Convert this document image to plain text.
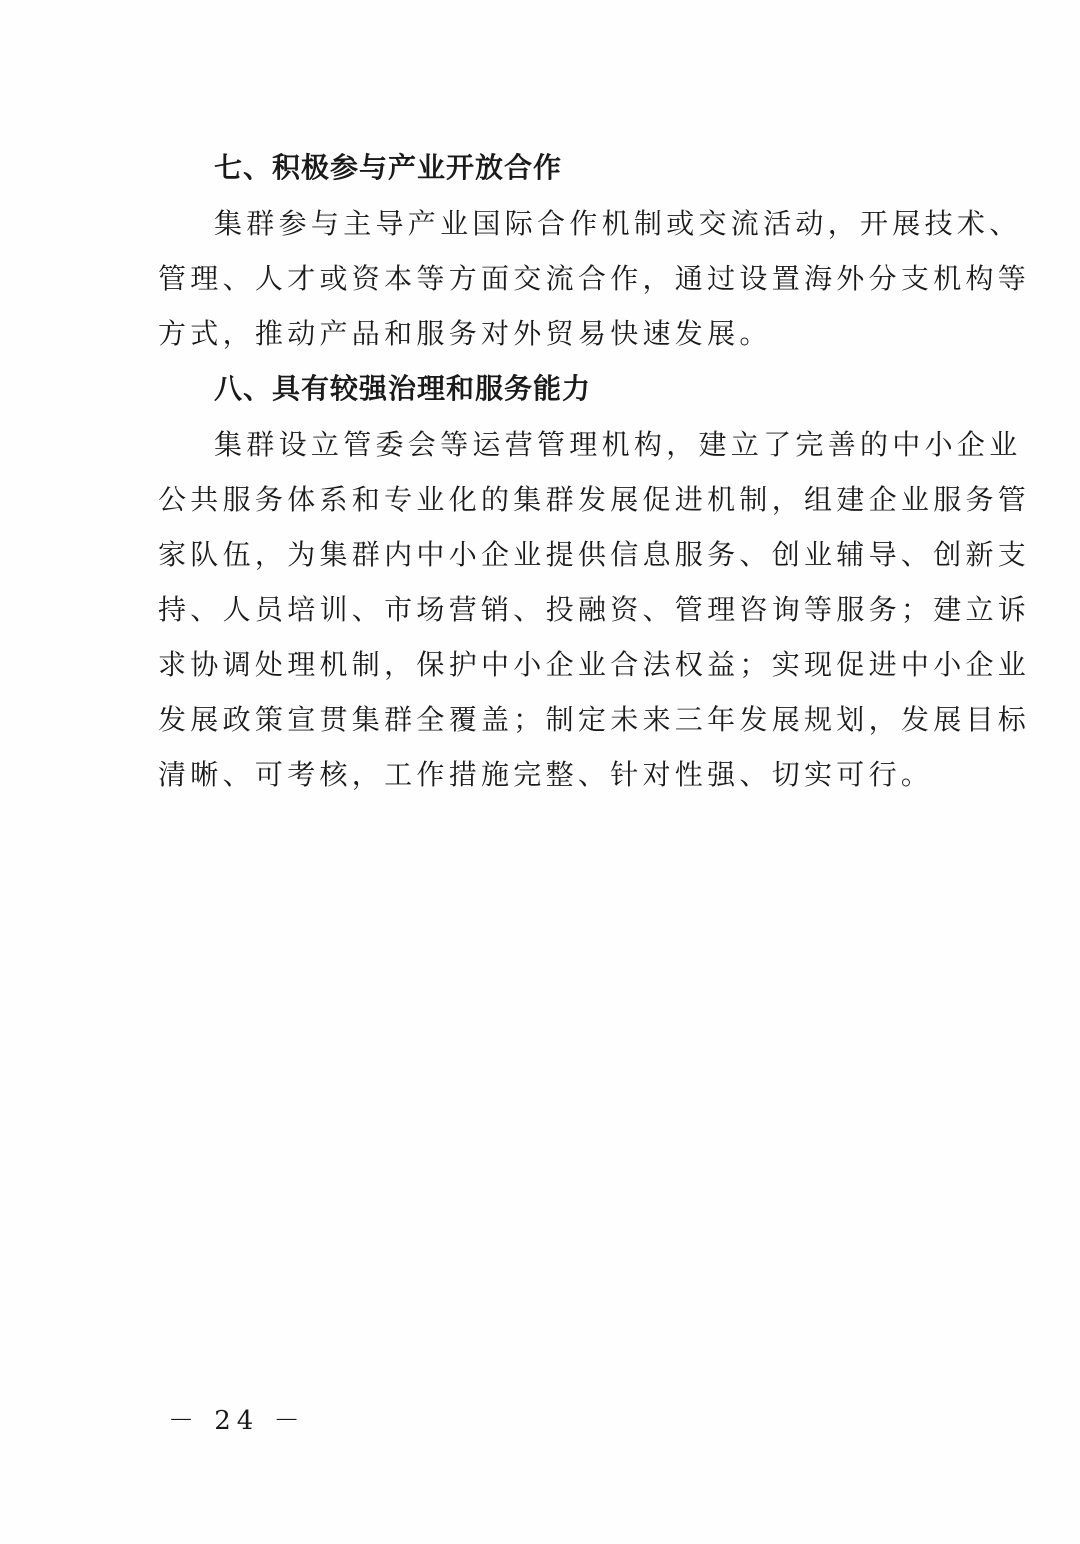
七、积极参与产业开放合作
集群参与主导产业国际合作机制或交流活动，开展技术、
管理、人才或资本等方面交流合作，通过设置海外分支机构等
方式，推动产品和服务对外贸易快速发展。
八、具有较强治理和服务能力
集群设立管委会等运营管理机构，建立了完善的中小企业
公共服务体系和专业化的集群发展促进机制，组建企业服务管
家队伍，为集群内中小企业提供信息服务、创业辅导、创新支
持、人员培训、市场营销、投融资、管理咨询等服务；建立诉
求协调处理机制，保护中小企业合法权益；实现促进中小企业
发展政策宣贯集群全覆盖；制定未来三年发展规划，发展目标
清晰、可考核，工作措施完整、针对性强、切实可行。
－ 24 －
